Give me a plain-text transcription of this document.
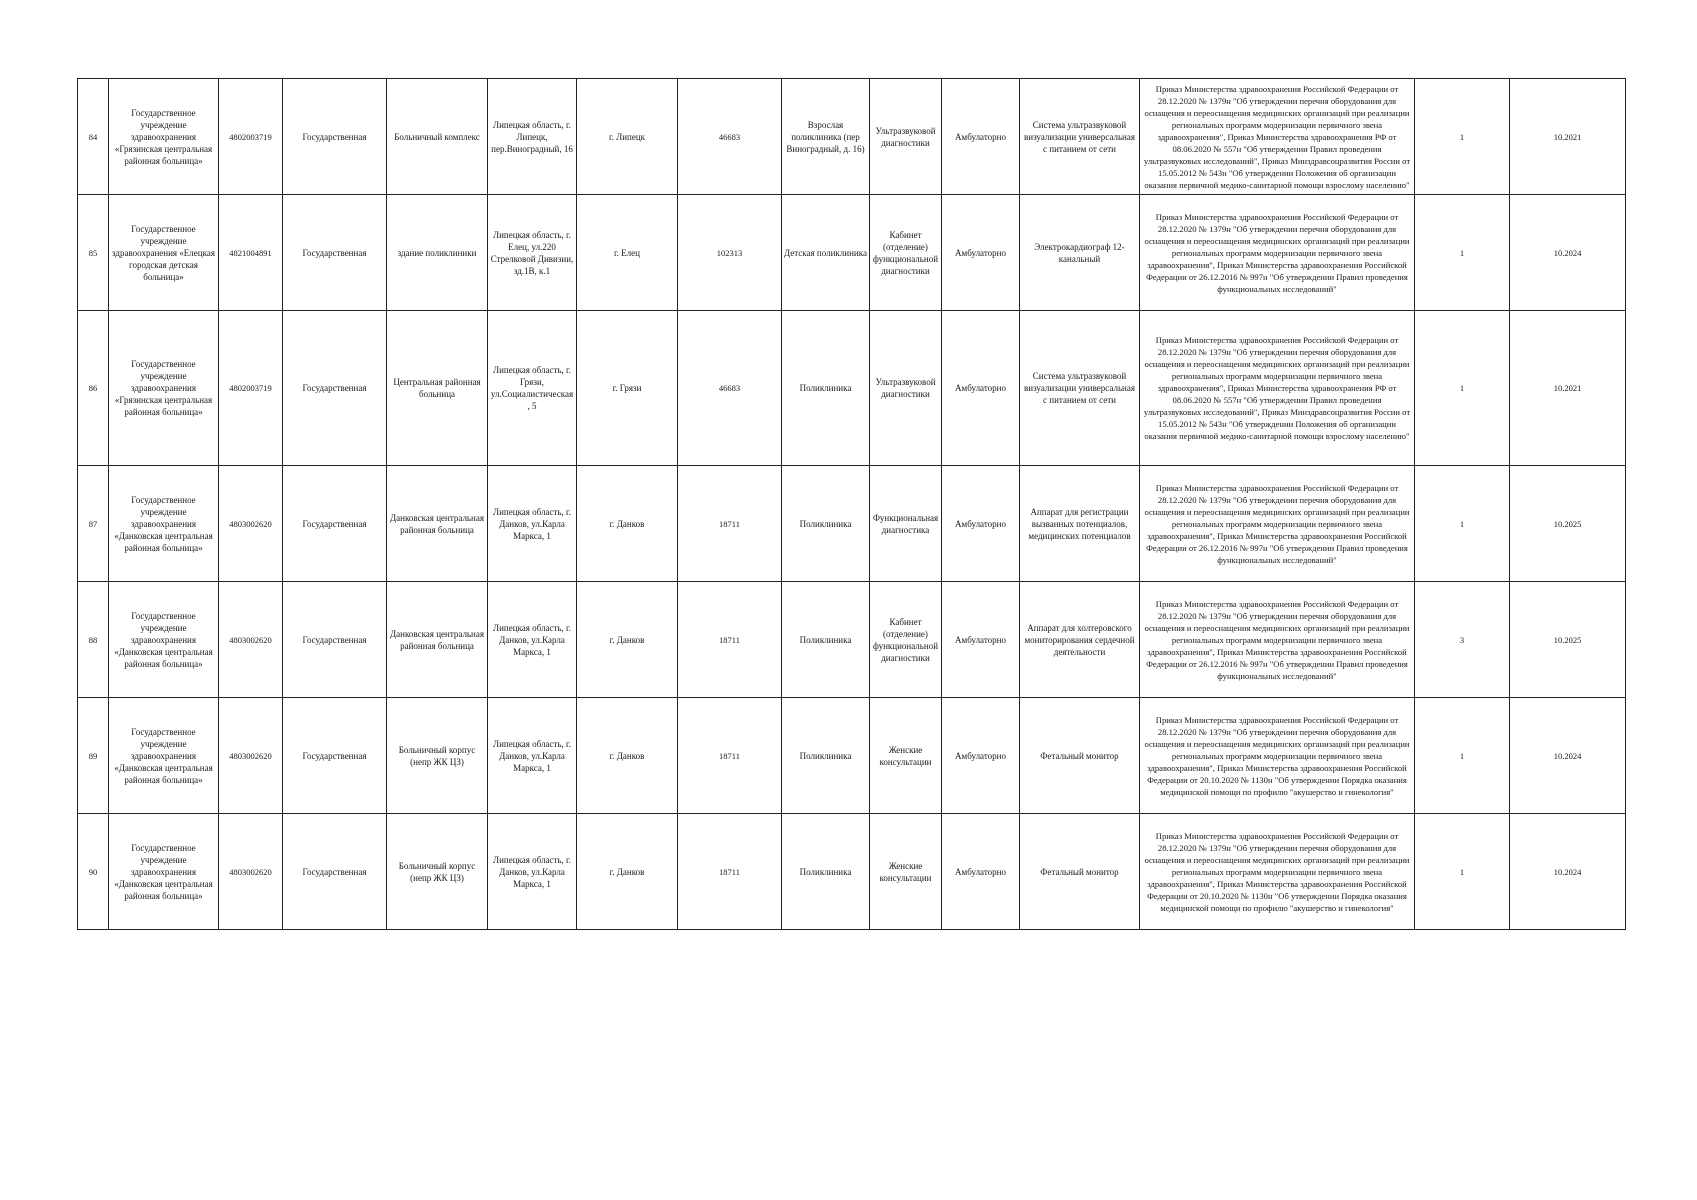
84	Государственное учреждение здравоохранения «Грязинская центральная районная больница»	4802003719	Государственная	Больничный комплекс	Липецкая область, г. Липецк, пер.Виноградный, 16	г. Липецк	46683	Взрослая поликлиника (пер Виноградный, д. 16)	Ультразвуковой диагностики	Амбулаторно	Система ультразвуковой визуализации универсальная с питанием от сети	Приказ Министерства здравоохранения Российской Федерации от 28.12.2020 № 1379н "Об утверждении перечня оборудования для оснащения и переоснащения медицинских организаций при реализации региональных программ модернизации первичного звена здравоохранения", Приказ Министерства здравоохранения РФ от 08.06.2020 № 557н "Об утверждении Правил проведения ультразвуковых исследований", Приказ Минздравсоцразвития России от 15.05.2012 № 543н "Об утверждении Положения об организации оказания первичной медико-санитарной помощи взрослому населению"	1	10.2021
85	Государственное учреждение здравоохранения «Елецкая городская детская больница»	4821004891	Государственная	здание поликлиники	Липецкая область, г. Елец, ул.220 Стрелковой Дивизии, зд.1В, к.1	г. Елец	102313	Детская поликлиника	Кабинет (отделение) функциональной диагностики	Амбулаторно	Электрокардиограф 12-канальный	Приказ Министерства здравоохранения Российской Федерации от 28.12.2020 № 1379н "Об утверждении перечня оборудования для оснащения и переоснащения медицинских организаций при реализации региональных программ модернизации первичного звена здравоохранения", Приказ Министерства здравоохранения Российской Федерации от 26.12.2016 № 997н "Об утверждении Правил проведения функциональных исследований"	1	10.2024
86	Государственное учреждение здравоохранения «Грязинская центральная районная больница»	4802003719	Государственная	Центральная районная больница	Липецкая область, г. Грязи, ул.Социалистическая, 5	г. Грязи	46683	Поликлиника	Ультразвуковой диагностики	Амбулаторно	Система ультразвуковой визуализации универсальная с питанием от сети	Приказ Министерства здравоохранения Российской Федерации от 28.12.2020 № 1379н "Об утверждении перечня оборудования для оснащения и переоснащения медицинских организаций при реализации региональных программ модернизации первичного звена здравоохранения", Приказ Министерства здравоохранения РФ от 08.06.2020 № 557н "Об утверждении Правил проведения ультразвуковых исследований", Приказ Минздравсоцразвития России от 15.05.2012 № 543н "Об утверждении Положения об организации оказания первичной медико-санитарной помощи взрослому населению"	1	10.2021
87	Государственное учреждение здравоохранения «Данковская центральная районная больница»	4803002620	Государственная	Данковская центральная районная больница	Липецкая область, г. Данков, ул.Карла Маркса, 1	г. Данков	18711	Поликлиника	Функциональная диагностика	Амбулаторно	Аппарат для регистрации вызванных потенциалов, медицинских потенциалов	Приказ Министерства здравоохранения Российской Федерации от 28.12.2020 № 1379н "Об утверждении перечня оборудования для оснащения и переоснащения медицинских организаций при реализации региональных программ модернизации первичного звена здравоохранения", Приказ Министерства здравоохранения Российской Федерации от 26.12.2016 № 997н "Об утверждении Правил проведения функциональных исследований"	1	10.2025
88	Государственное учреждение здравоохранения «Данковская центральная районная больница»	4803002620	Государственная	Данковская центральная районная больница	Липецкая область, г. Данков, ул.Карла Маркса, 1	г. Данков	18711	Поликлиника	Кабинет (отделение) функциональной диагностики	Амбулаторно	Аппарат для холтеровского мониторирования сердечной деятельности	Приказ Министерства здравоохранения Российской Федерации от 28.12.2020 № 1379н "Об утверждении перечня оборудования для оснащения и переоснащения медицинских организаций при реализации региональных программ модернизации первичного звена здравоохранения", Приказ Министерства здравоохранения Российской Федерации от 26.12.2016 № 997н "Об утверждении Правил проведения функциональных исследований"	3	10.2025
89	Государственное учреждение здравоохранения «Данковская центральная районная больница»	4803002620	Государственная	Больничный корпус (непр ЖК ЦЗ)	Липецкая область, г. Данков, ул.Карла Маркса, 1	г. Данков	18711	Поликлиника	Женские консультации	Амбулаторно	Фетальный монитор	Приказ Министерства здравоохранения Российской Федерации от 28.12.2020 № 1379н "Об утверждении перечня оборудования для оснащения и переоснащения медицинских организаций при реализации региональных программ модернизации первичного звена здравоохранения", Приказ Министерства здравоохранения Российской Федерации от 20.10.2020 № 1130н "Об утверждении Порядка оказания медицинской помощи по профилю "акушерство и гинекология"	1	10.2024
90	Государственное учреждение здравоохранения «Данковская центральная районная больница»	4803002620	Государственная	Больничный корпус (непр ЖК ЦЗ)	Липецкая область, г. Данков, ул.Карла Маркса, 1	г. Данков	18711	Поликлиника	Женские консультации	Амбулаторно	Фетальный монитор	Приказ Министерства здравоохранения Российской Федерации от 28.12.2020 № 1379н "Об утверждении перечня оборудования для оснащения и переоснащения медицинских организаций при реализации региональных программ модернизации первичного звена здравоохранения", Приказ Министерства здравоохранения Российской Федерации от 20.10.2020 № 1130н "Об утверждении Порядка оказания медицинской помощи по профилю "акушерство и гинекология"	1	10.2024
